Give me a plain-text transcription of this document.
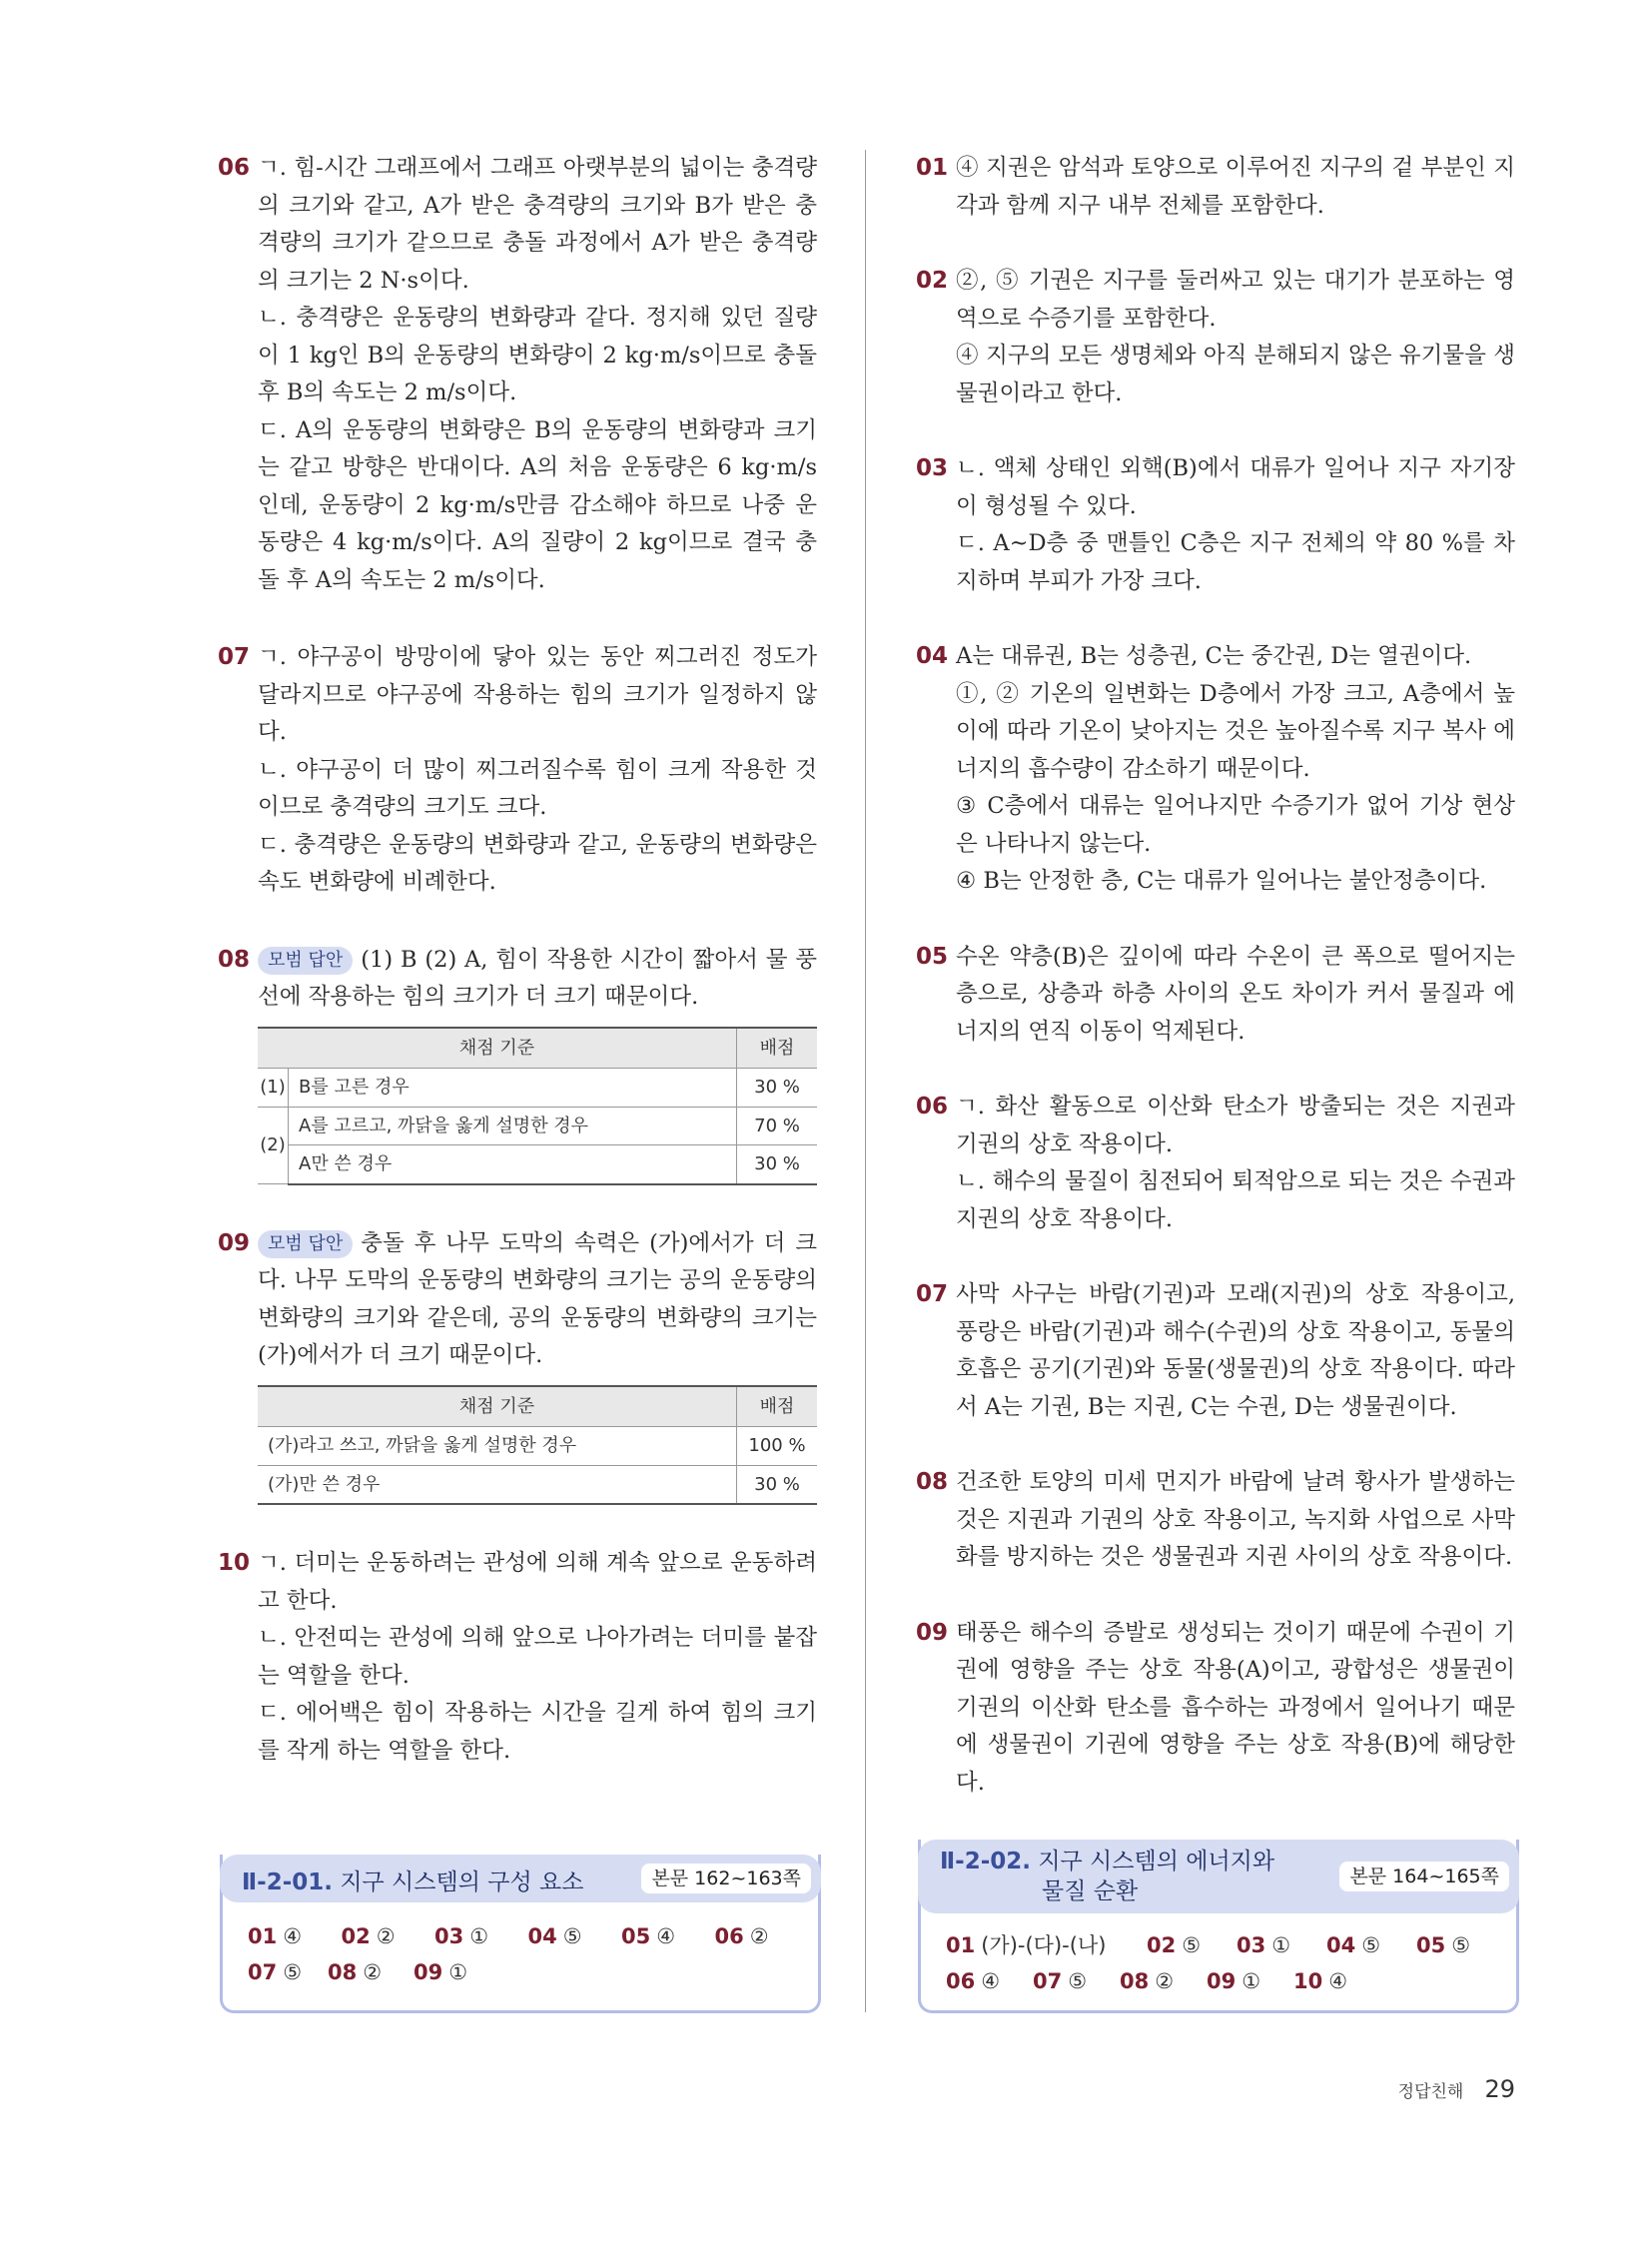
06 ㄱ. 힘-시간 그래프에서 그래프 아랫부분의 넓이는 충격량의 크기와 같고, A가 받은 충격량의 크기와 B가 받은 충격량의 크기가 같으므로 충돌 과정에서 A가 받은 충격량의 크기는 2 N·s이다.

ㄴ. 충격량은 운동량의 변화량과 같다. 정지해 있던 질량이 1 kg인 B의 운동량의 변화량이 2 kg·m/s이므로 충돌 후 B의 속도는 2 m/s이다.

ㄷ. A의 운동량의 변화량은 B의 운동량의 변화량과 크기는 같고 방향은 반대이다. A의 처음 운동량은 6 kg·m/s인데, 운동량이 2 kg·m/s만큼 감소해야 하므로 나중 운동량은 4 kg·m/s이다. A의 질량이 2 kg이므로 결국 충돌 후 A의 속도는 2 m/s이다.

07 ㄱ. 야구공이 방망이에 닿아 있는 동안 찌그러진 정도가 달라지므로 야구공에 작용하는 힘의 크기가 일정하지 않다.

ㄴ. 야구공이 더 많이 찌그러질수록 힘이 크게 작용한 것이므로 충격량의 크기도 크다.

ㄷ. 충격량은 운동량의 변화량과 같고, 운동량의 변화량은 속도 변화량에 비례한다.

08 모범 답안 (1) B (2) A, 힘이 작용한 시간이 짧아서 물 풍선에 작용하는 힘의 크기가 더 크기 때문이다.

채점 기준		배점
(1)	B를 고른 경우	30 %
(2)	A를 고르고, 까닭을 옳게 설명한 경우	70 %
	A만 쓴 경우	30 %
09 모범 답안 충돌 후 나무 도막의 속력은 (가)에서가 더 크다. 나무 도막의 운동량의 변화량의 크기는 공의 운동량의 변화량의 크기와 같은데, 공의 운동량의 변화량의 크기는 (가)에서가 더 크기 때문이다.

채점 기준	배점
(가)라고 쓰고, 까닭을 옳게 설명한 경우	100 %
(가)만 쓴 경우	30 %
10 ㄱ. 더미는 운동하려는 관성에 의해 계속 앞으로 운동하려고 한다.

ㄴ. 안전띠는 관성에 의해 앞으로 나아가려는 더미를 붙잡는 역할을 한다.

ㄷ. 에어백은 힘이 작용하는 시간을 길게 하여 힘의 크기를 작게 하는 역할을 한다.

Ⅱ-2-01. 지구 시스템의 구성 요소	본문 162~163쪽
01 ④	02 ②	03 ①	04 ⑤	05 ④	06 ②
07 ⑤	08 ②	09 ①
01 ④ 지권은 암석과 토양으로 이루어진 지구의 겉 부분인 지각과 함께 지구 내부 전체를 포함한다.

02 ②, ⑤ 기권은 지구를 둘러싸고 있는 대기가 분포하는 영역으로 수증기를 포함한다.

④ 지구의 모든 생명체와 아직 분해되지 않은 유기물을 생물권이라고 한다.

03 ㄴ. 액체 상태인 외핵(B)에서 대류가 일어나 지구 자기장이 형성될 수 있다.

ㄷ. A~D층 중 맨틀인 C층은 지구 전체의 약 80 %를 차지하며 부피가 가장 크다.

04 A는 대류권, B는 성층권, C는 중간권, D는 열권이다.

①, ② 기온의 일변화는 D층에서 가장 크고, A층에서 높이에 따라 기온이 낮아지는 것은 높아질수록 지구 복사 에너지의 흡수량이 감소하기 때문이다.

③ C층에서 대류는 일어나지만 수증기가 없어 기상 현상은 나타나지 않는다.

④ B는 안정한 층, C는 대류가 일어나는 불안정층이다.

05 수온 약층(B)은 깊이에 따라 수온이 큰 폭으로 떨어지는 층으로, 상층과 하층 사이의 온도 차이가 커서 물질과 에너지의 연직 이동이 억제된다.

06 ㄱ. 화산 활동으로 이산화 탄소가 방출되는 것은 지권과 기권의 상호 작용이다.

ㄴ. 해수의 물질이 침전되어 퇴적암으로 되는 것은 수권과 지권의 상호 작용이다.

07 사막 사구는 바람(기권)과 모래(지권)의 상호 작용이고, 풍랑은 바람(기권)과 해수(수권)의 상호 작용이고, 동물의 호흡은 공기(기권)와 동물(생물권)의 상호 작용이다. 따라서 A는 기권, B는 지권, C는 수권, D는 생물권이다.

08 건조한 토양의 미세 먼지가 바람에 날려 황사가 발생하는 것은 지권과 기권의 상호 작용이고, 녹지화 사업으로 사막화를 방지하는 것은 생물권과 지권 사이의 상호 작용이다.

09 태풍은 해수의 증발로 생성되는 것이기 때문에 수권이 기권에 영향을 주는 상호 작용(A)이고, 광합성은 생물권이 기권의 이산화 탄소를 흡수하는 과정에서 일어나기 때문에 생물권이 기권에 영향을 주는 상호 작용(B)에 해당한다.

Ⅱ-2-02. 지구 시스템의 에너지와
물질 순환
본문 164~165쪽
01 (가)-(다)-(나)	02 ⑤	03 ①	04 ⑤	05 ⑤
06 ④	07 ⑤	08 ②	09 ①	10 ④
정답친해 29
